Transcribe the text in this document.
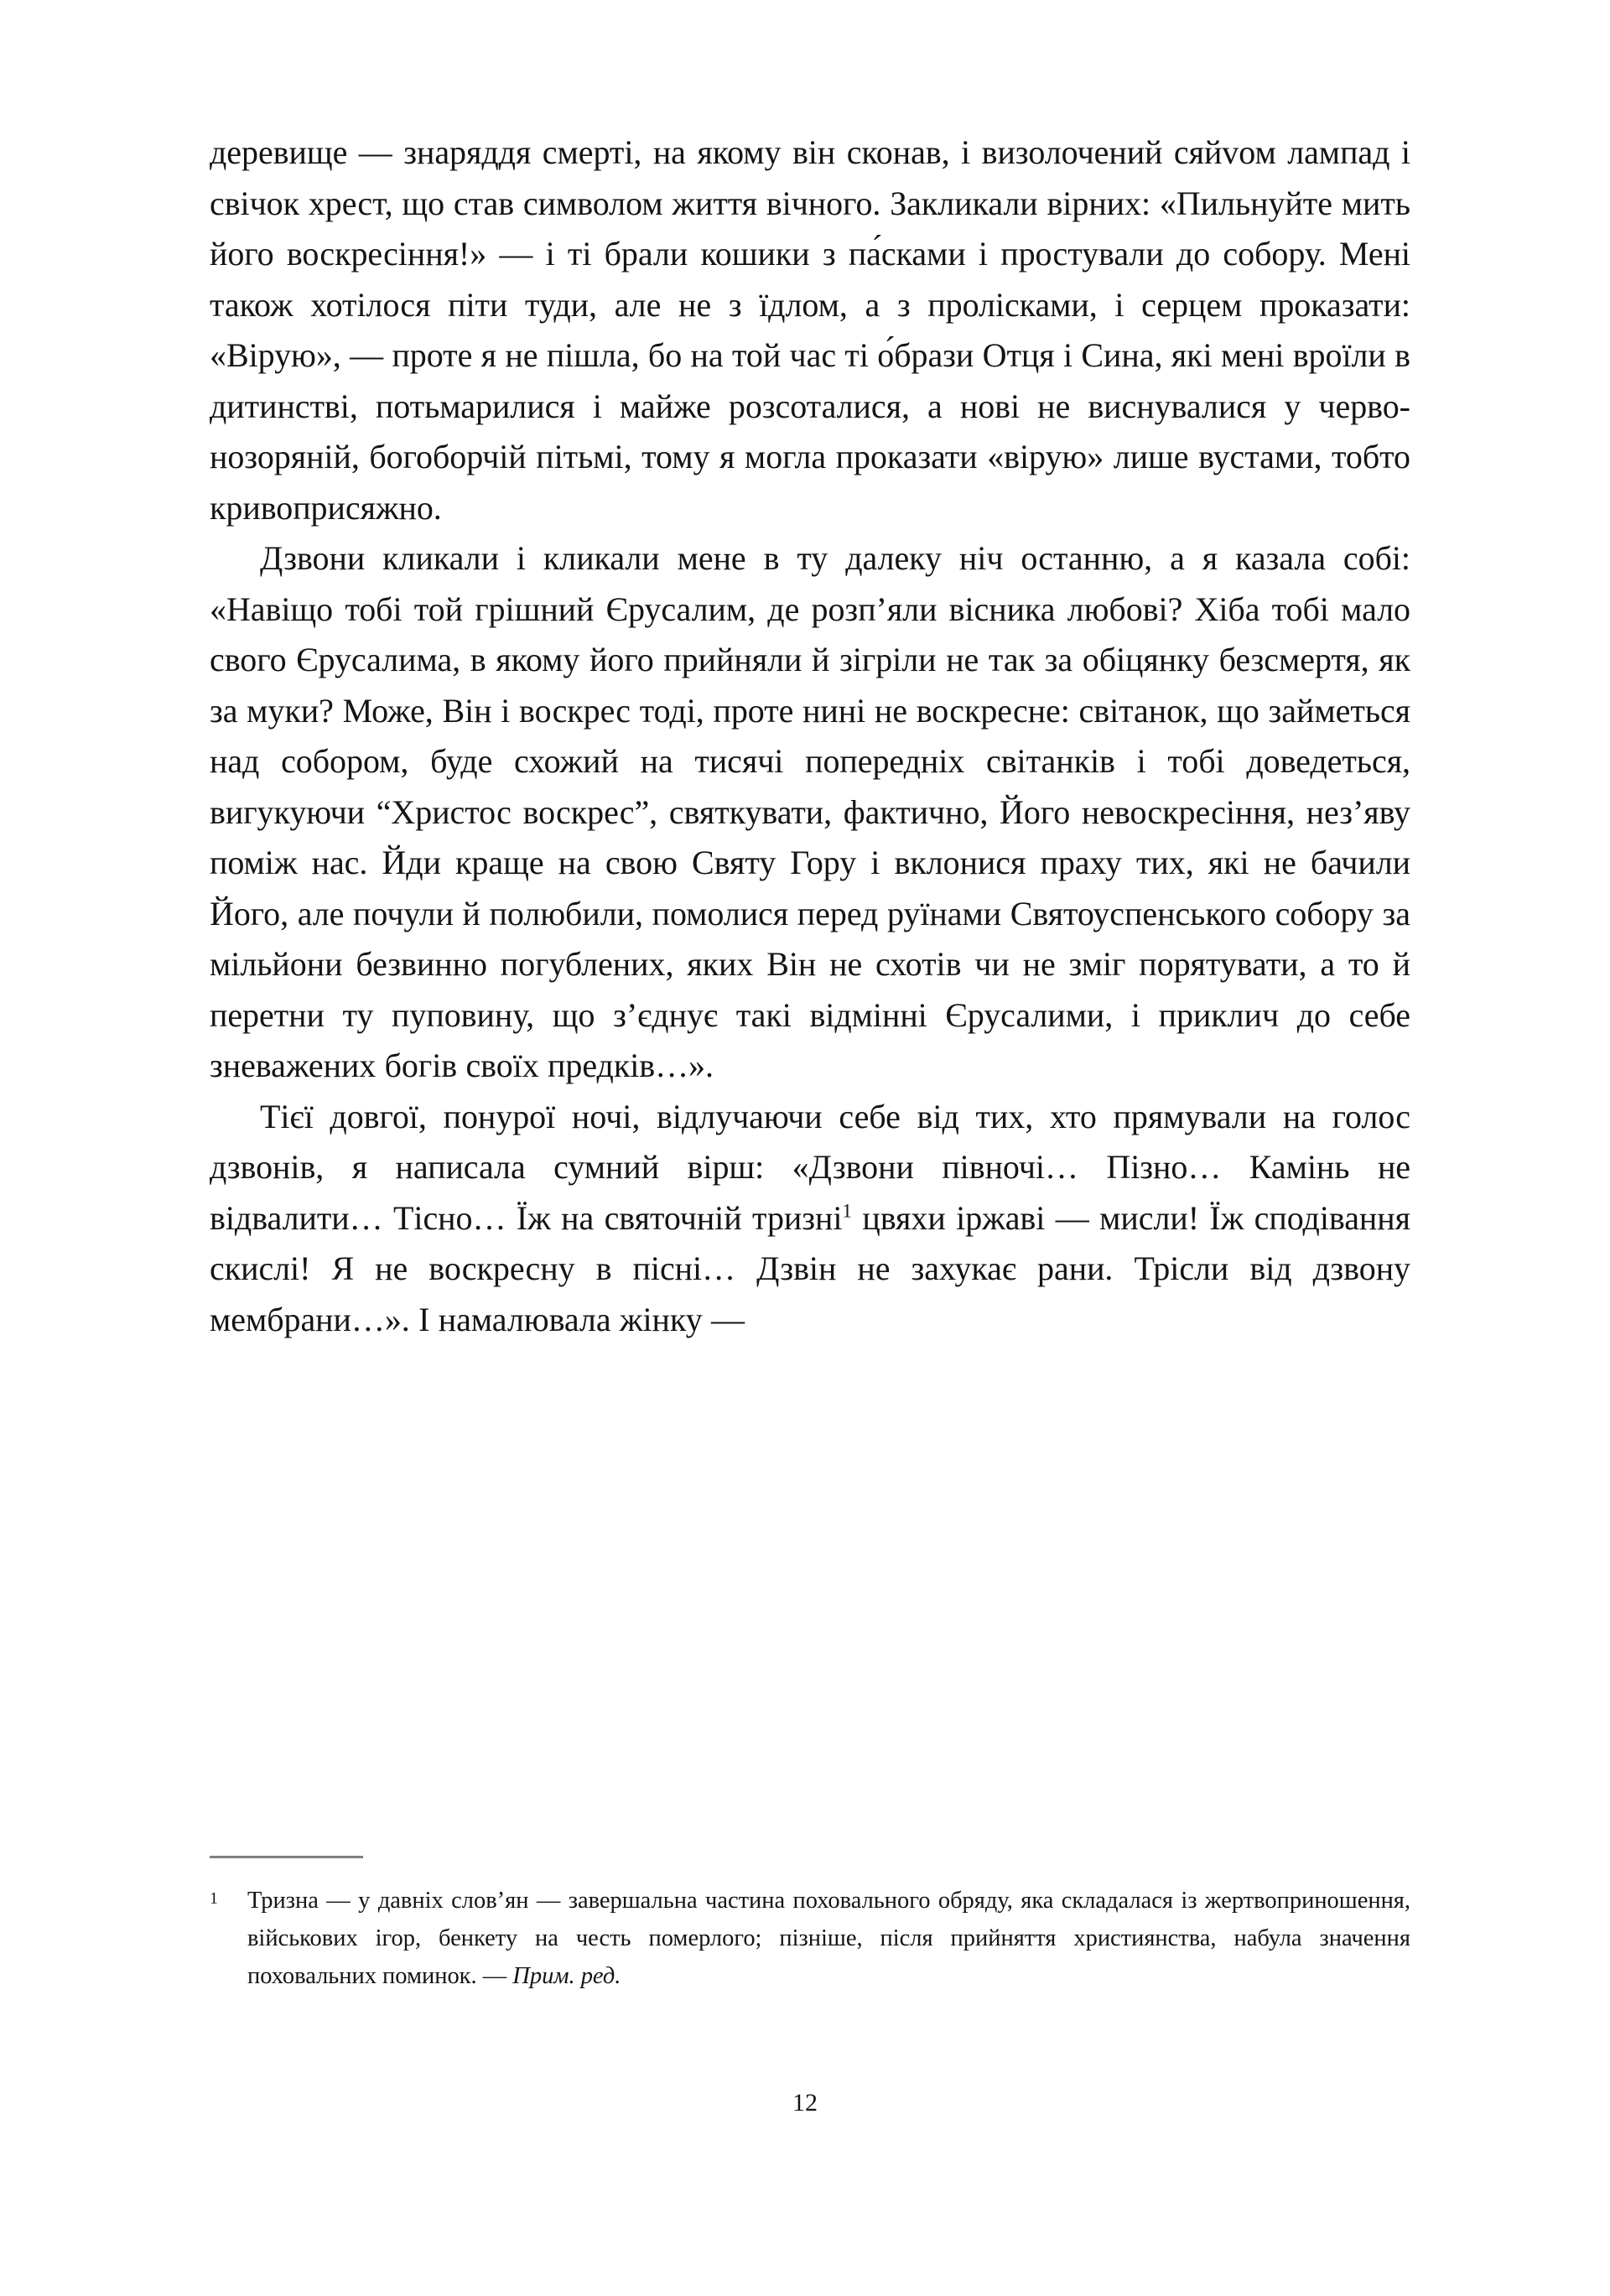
деревище — знаряддя смерті, на якому він сконав, і визолочений сяйvом лампад і свічок хрест, що став символом життя вічного. Закликали вірних: «Пильнуйте мить його воскресіння!» — і ті брали кошики з па́сками і простували до собору. Мені також хотілося піти туди, але не з їдлом, а з пролісками, і серцем проказати: «Вірую», — проте я не пішла, бо на той час ті о́брази Отця і Сина, які мені вроїли в дитинстві, потьмарилися і майже розсоталися, а нові не виснувалися у червонозоряній, богоборчій пітьмі, тому я могла проказати «вірую» лише вустами, тобто кривоприсяжно.

Дзвони кликали і кликали мене в ту далеку ніч останню, а я казала собі: «Навіщо тобі той грішний Єрусалим, де розп’яли вісника любові? Хіба тобі мало свого Єрусалима, в якому його прийняли й зігріли не так за обіцянку безсмертя, як за муки? Може, Він і воскрес тоді, проте нині не воскресне: світанок, що займеться над собором, буде схожий на тисячі попередніх світанків і тобі доведеться, вигукуючи “Христос воскрес”, святкувати, фактично, Його невоскресіння, нез’яву поміж нас. Йди краще на свою Святу Гору і вклонися праху тих, які не бачили Його, але почули й полюбили, помолися перед руїнами Святоуспенського собору за мільйони безвинно погублених, яких Він не схотів чи не зміг порятувати, а то й перетни ту пуповину, що з’єднує такі відмінні Єрусалими, і приклич до себе зневажених богів своїх предків…».

Тієї довгої, понурої ночі, відлучаючи себе від тих, хто прямували на голос дзвонів, я написала сумний вірш: «Дзвони півночі… Пізно… Камінь не відвалити… Тісно… Їж на святочній тризні$^1$ цвяхи іржаві — мисли! Їж сподівання скислі! Я не воскресну в пісні… Дзвін не захукає рани. Трісли від дзвону мембрани…». І намалювала жінку —

1 Тризна — у давніх слов’ян — завершальна частина поховального обряду, яка складалася із жертвоприношення, військових ігор, бенкету на честь померлого; пізніше, після прийняття християнства, набула значення поховальних поминок. — Прим. ред.

12
